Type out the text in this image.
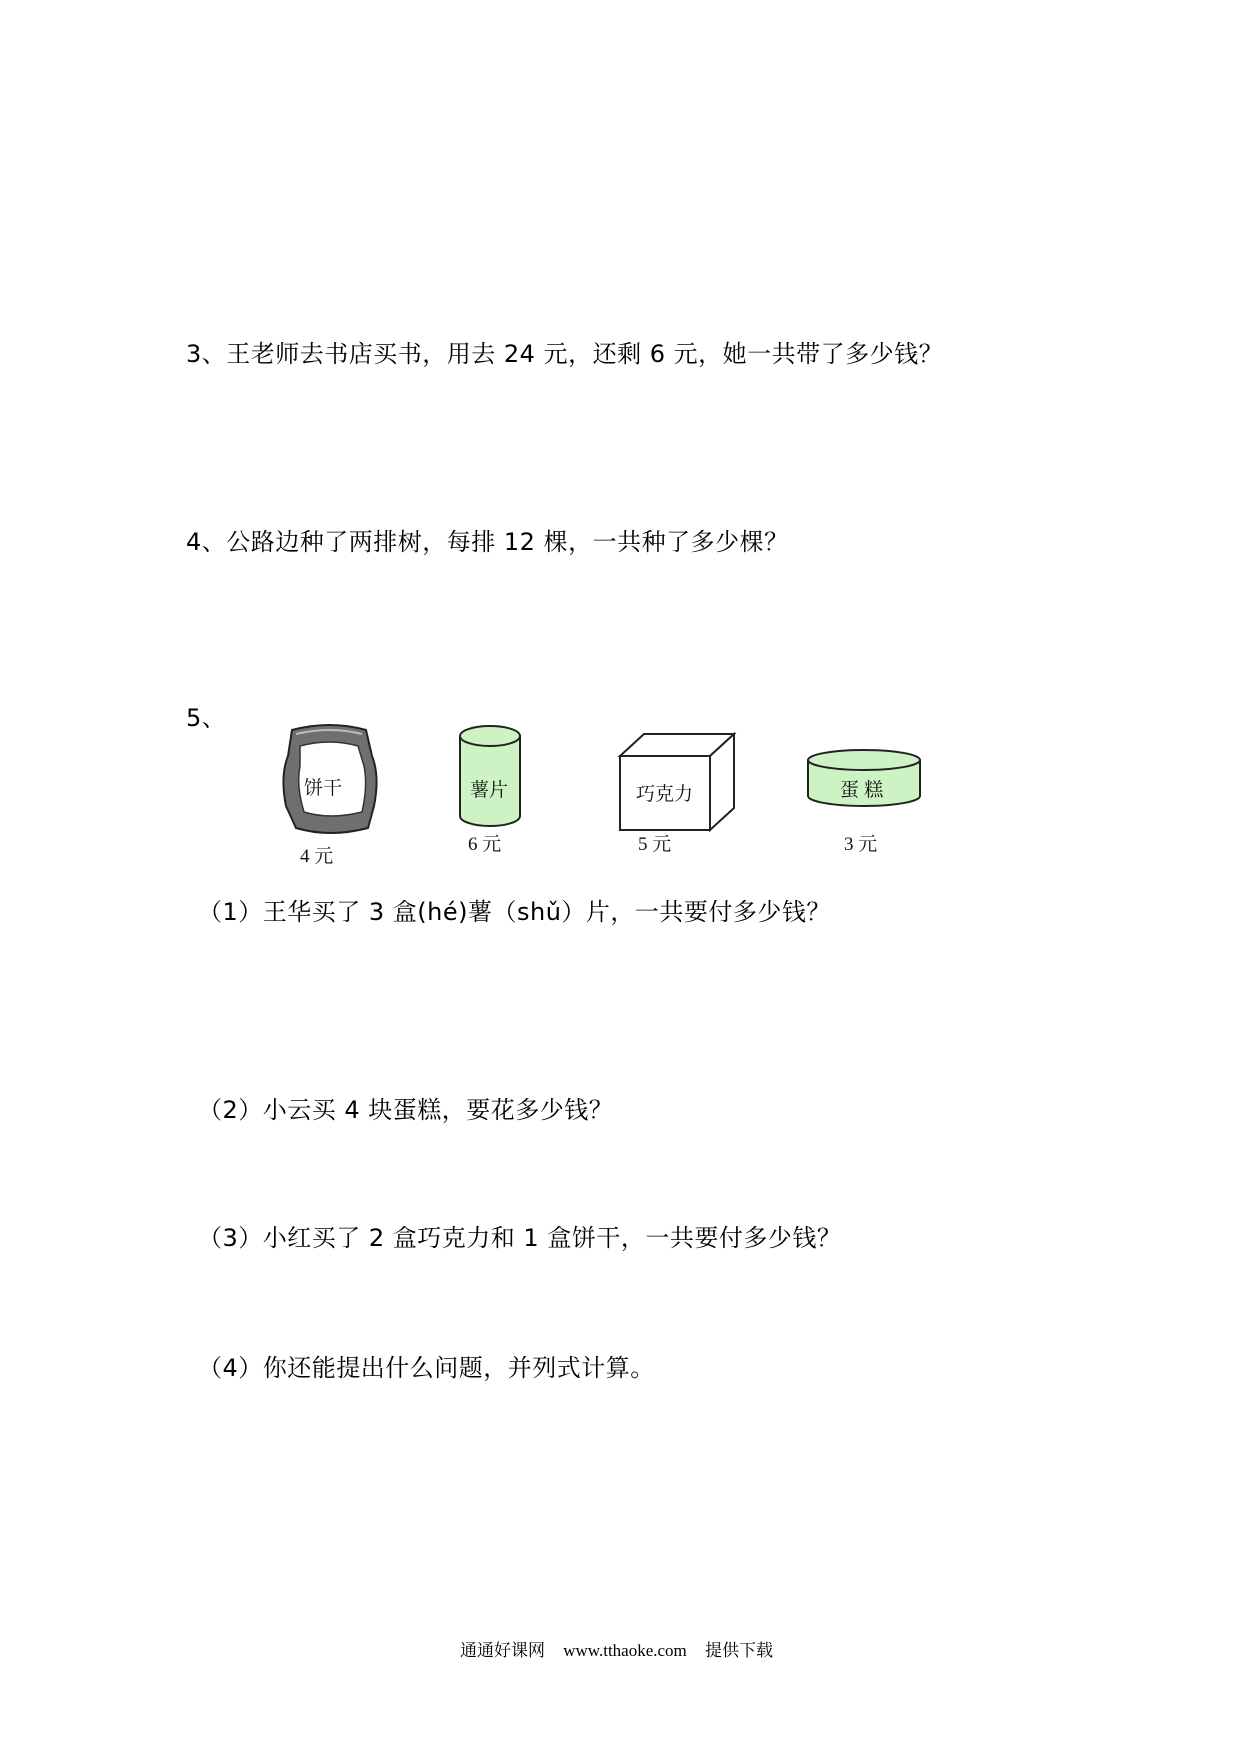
3、王老师去书店买书，用去 24 元，还剩 6 元，她一共带了多少钱？
4、公路边种了两排树，每排 12 棵，一共种了多少棵？
5、
饼干	薯片	巧克力	蛋 糕
4 元
6 元	5 元	3 元
（1）王华买了 3 盒(hé)薯（shǔ）片，一共要付多少钱？
（2）小云买 4 块蛋糕，要花多少钱？
（3）小红买了 2 盒巧克力和 1 盒饼干，一共要付多少钱？
（4）你还能提出什么问题，并列式计算。
通通好课网 www.tthaoke.com 提供下载
